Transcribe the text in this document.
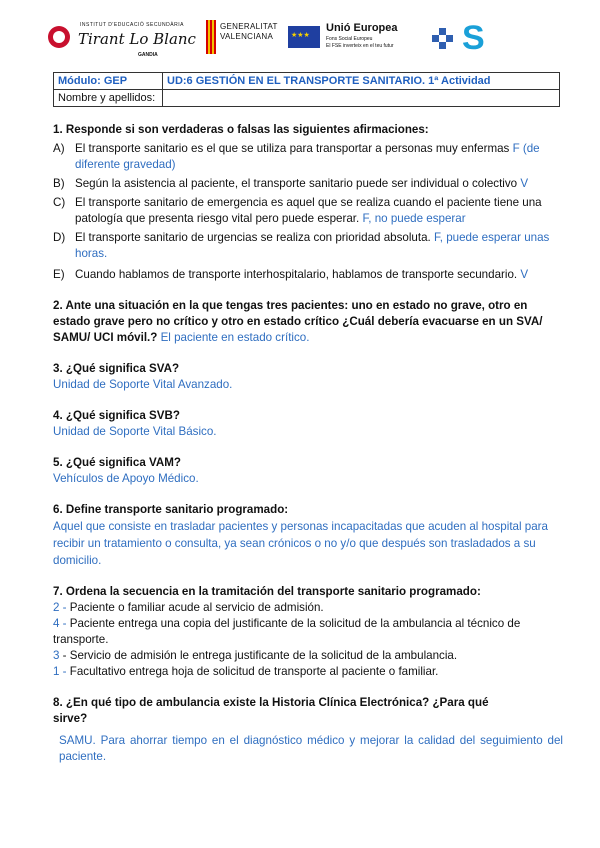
INSTITUT D'EDUCACIÓ SECUNDÀRIA
Tirant Lo Blanc
GANDIA
GENERALITAT
VALENCIANA
★ ★ ★
Unió Europea
Fons Social Europeu
El FSE inverteix en el teu futur S
Módulo: GEP	UD:6 GESTIÓN EN EL TRANSPORTE SANITARIO. 1ª Actividad
Nombre y apellidos:	
1. Responde si son verdaderas o falsas las siguientes afirmaciones:
A) El transporte sanitario es el que se utiliza para transportar a personas muy enfermas F (de diferente gravedad)
B) Según la asistencia al paciente, el transporte sanitario puede ser individual o colectivo V
C) El transporte sanitario de emergencia es aquel que se realiza cuando el paciente tiene una patología que presenta riesgo vital pero puede esperar. F, no puede esperar
D) El transporte sanitario de urgencias se realiza con prioridad absoluta. F, puede esperar unas horas.
E) Cuando hablamos de transporte interhospitalario, hablamos de transporte secundario. V
2. Ante una situación en la que tengas tres pacientes: uno en estado no grave, otro en estado grave pero no crítico y otro en estado crítico ¿Cuál debería evacuarse en un SVA/ SAMU/ UCI móvil.? El paciente en estado crítico.
3. ¿Qué significa SVA?
Unidad de Soporte Vital Avanzado.
4. ¿Qué significa SVB?
Unidad de Soporte Vital Básico.
5. ¿Qué significa VAM?
Vehículos de Apoyo Médico.
6. Define transporte sanitario programado:
Aquel que consiste en trasladar pacientes y personas incapacitadas que acuden al hospital para recibir un tratamiento o consulta, ya sean crónicos o no y/o que después son trasladados a su domicilio.
7. Ordena la secuencia en la tramitación del transporte sanitario programado:
2 - Paciente o familiar acude al servicio de admisión.
4 - Paciente entrega una copia del justificante de la solicitud de la ambulancia al técnico de transporte.
3 - Servicio de admisión le entrega justificante de la solicitud de la ambulancia.
1 - Facultativo entrega hoja de solicitud de transporte al paciente o familiar.
8. ¿En qué tipo de ambulancia existe la Historia Clínica Electrónica? ¿Para qué sirve?
SAMU. Para ahorrar tiempo en el diagnóstico médico y mejorar la calidad del seguimiento del paciente.
